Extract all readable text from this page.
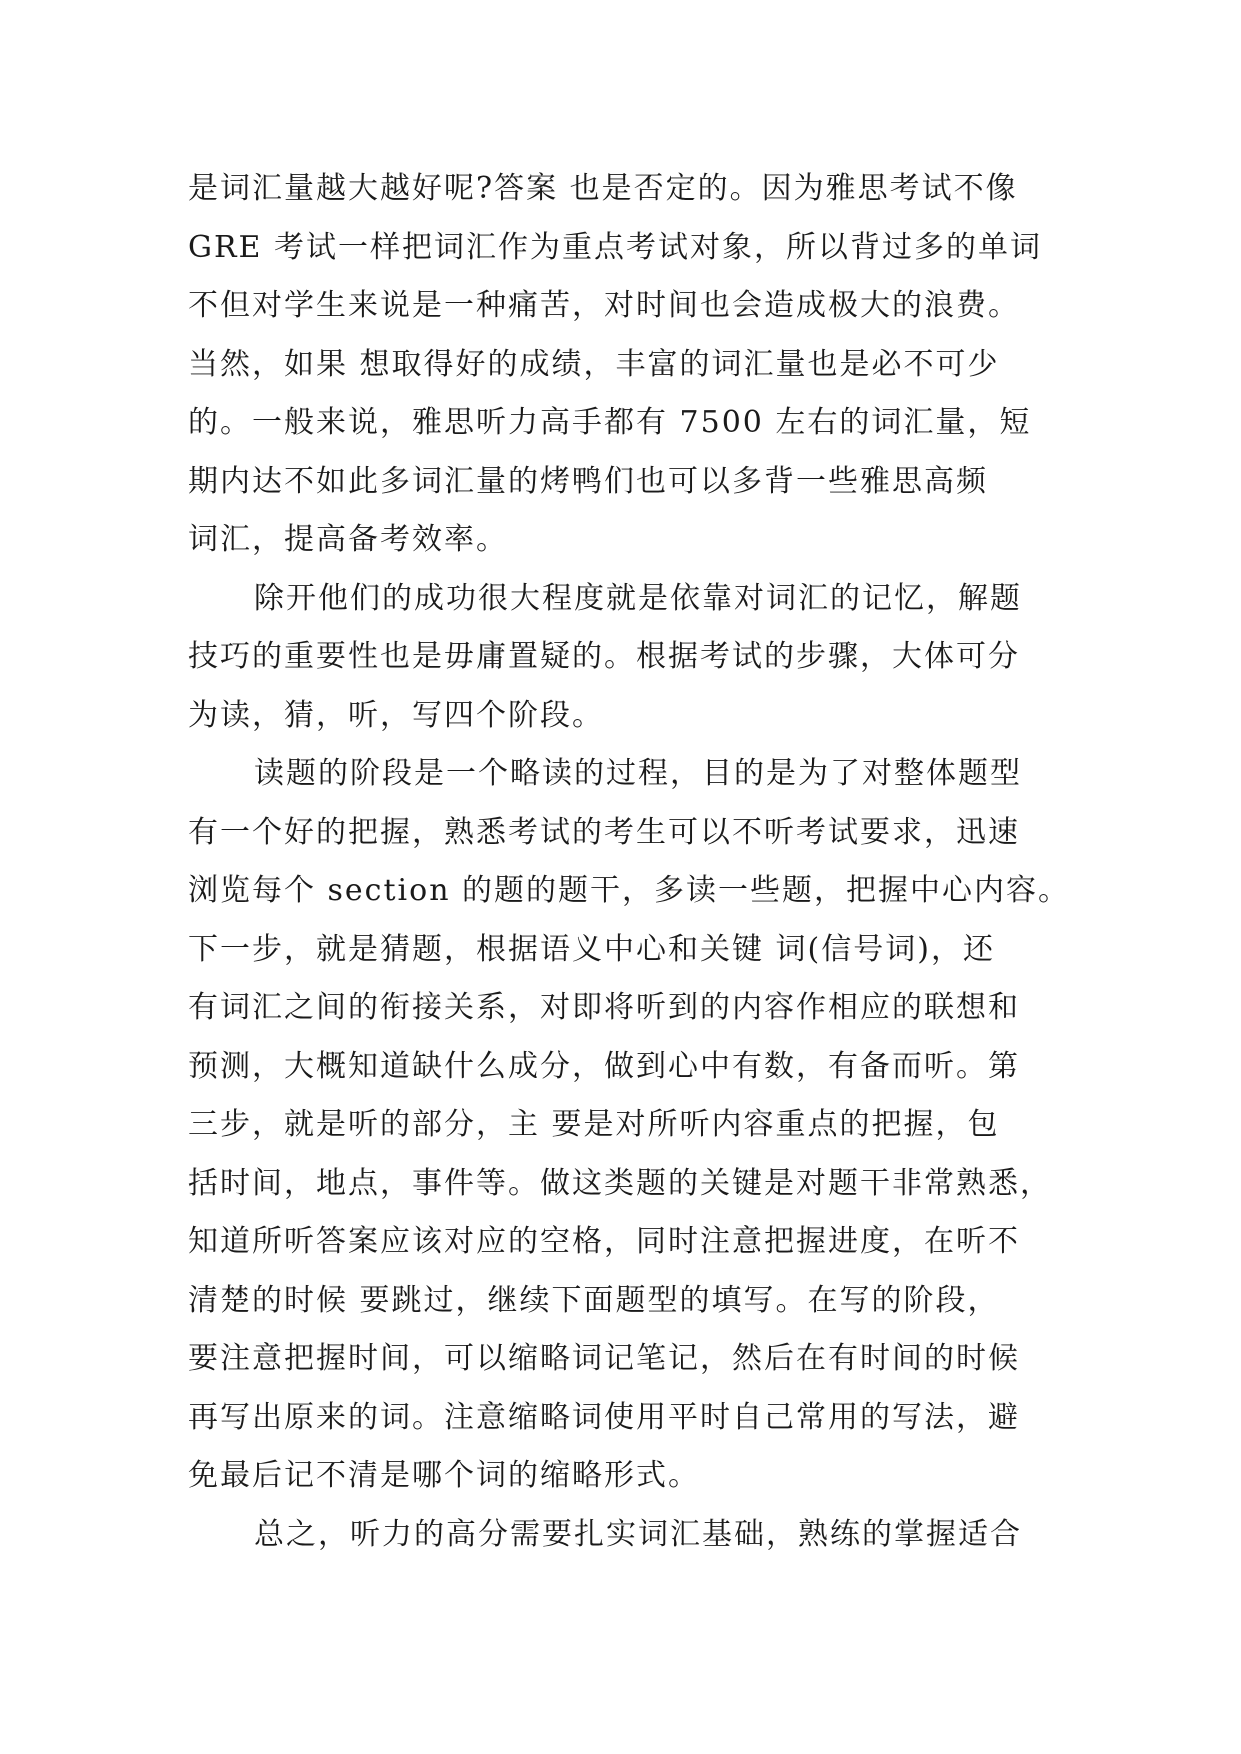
是词汇量越大越好呢?答案 也是否定的。因为雅思考试不像
GRE 考试一样把词汇作为重点考试对象，所以背过多的单词
不但对学生来说是一种痛苦，对时间也会造成极大的浪费。
当然，如果 想取得好的成绩，丰富的词汇量也是必不可少
的。一般来说，雅思听力高手都有 7500 左右的词汇量，短
期内达不如此多词汇量的烤鸭们也可以多背一些雅思高频
词汇，提高备考效率。
除开他们的成功很大程度就是依靠对词汇的记忆，解题
技巧的重要性也是毋庸置疑的。根据考试的步骤，大体可分
为读，猜，听，写四个阶段。
读题的阶段是一个略读的过程，目的是为了对整体题型
有一个好的把握，熟悉考试的考生可以不听考试要求，迅速
浏览每个 section 的题的题干，多读一些题，把握中心内容。
下一步，就是猜题，根据语义中心和关键 词(信号词)，还
有词汇之间的衔接关系，对即将听到的内容作相应的联想和
预测，大概知道缺什么成分，做到心中有数，有备而听。第
三步，就是听的部分，主 要是对所听内容重点的把握，包
括时间，地点，事件等。做这类题的关键是对题干非常熟悉，
知道所听答案应该对应的空格，同时注意把握进度，在听不
清楚的时候 要跳过，继续下面题型的填写。在写的阶段，
要注意把握时间，可以缩略词记笔记，然后在有时间的时候
再写出原来的词。注意缩略词使用平时自己常用的写法，避
免最后记不清是哪个词的缩略形式。
总之，听力的高分需要扎实词汇基础，熟练的掌握适合
